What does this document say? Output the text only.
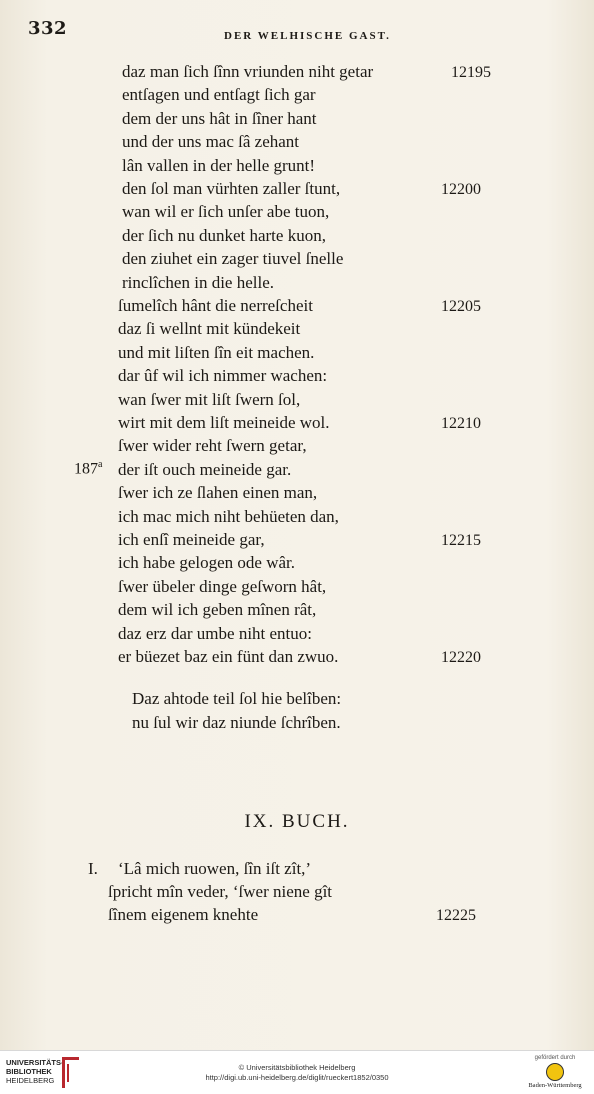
332	DER WELHISCHE GAST.
daz man ſich ſînn vriunden niht getar	12195
entſagen und entſagt ſich gar
dem der uns hât in ſîner hant
und der uns mac ſâ zehant
lân vallen in der helle grunt!
den ſol man vürhten zaller ſtunt,	12200
wan wil er ſich unſer abe tuon,
der ſich nu dunket harte kuon,
den ziuhet ein zager tiuvel ſnelle
rinclîchen in die helle.
ſumelîch hânt die nerreſcheit	12205
daz ſi wellnt mit kündekeit
und mit liſten ſîn eit machen.
dar ûf wil ich nimmer wachen:
wan ſwer mit liſt ſwern ſol,
wirt mit dem liſt meineide wol.	12210
ſwer wider reht ſwern getar,
der iſt ouch meineide gar.
ſwer ich ze ſlahen einen man,
ich mac mich niht behüeten dan,
ich enſî meineide gar,	12215
ich habe gelogen ode wâr.
ſwer übeler dinge geſworn hât,
dem wil ich geben mînen rât,
daz erz dar umbe niht entuo:
er büezet baz ein fünt dan zwuo.	12220
187$^a$
Daz ahtode teil ſol hie belîben:
nu ſul wir daz niunde ſchrîben.
IX. BUCH.
I. ‘Lâ mich ruowen, ſîn iſt zît,’
ſpricht mîn veder, ‘ſwer niene gît
ſînem eigenem knehte	12225
UNIVERSITÄTS-
BIBLIOTHEK
HEIDELBERG
© Universitätsbibliothek Heidelberg
http://digi.ub.uni-heidelberg.de/diglit/rueckert1852/0350
gefördert durch
Baden-Württemberg
